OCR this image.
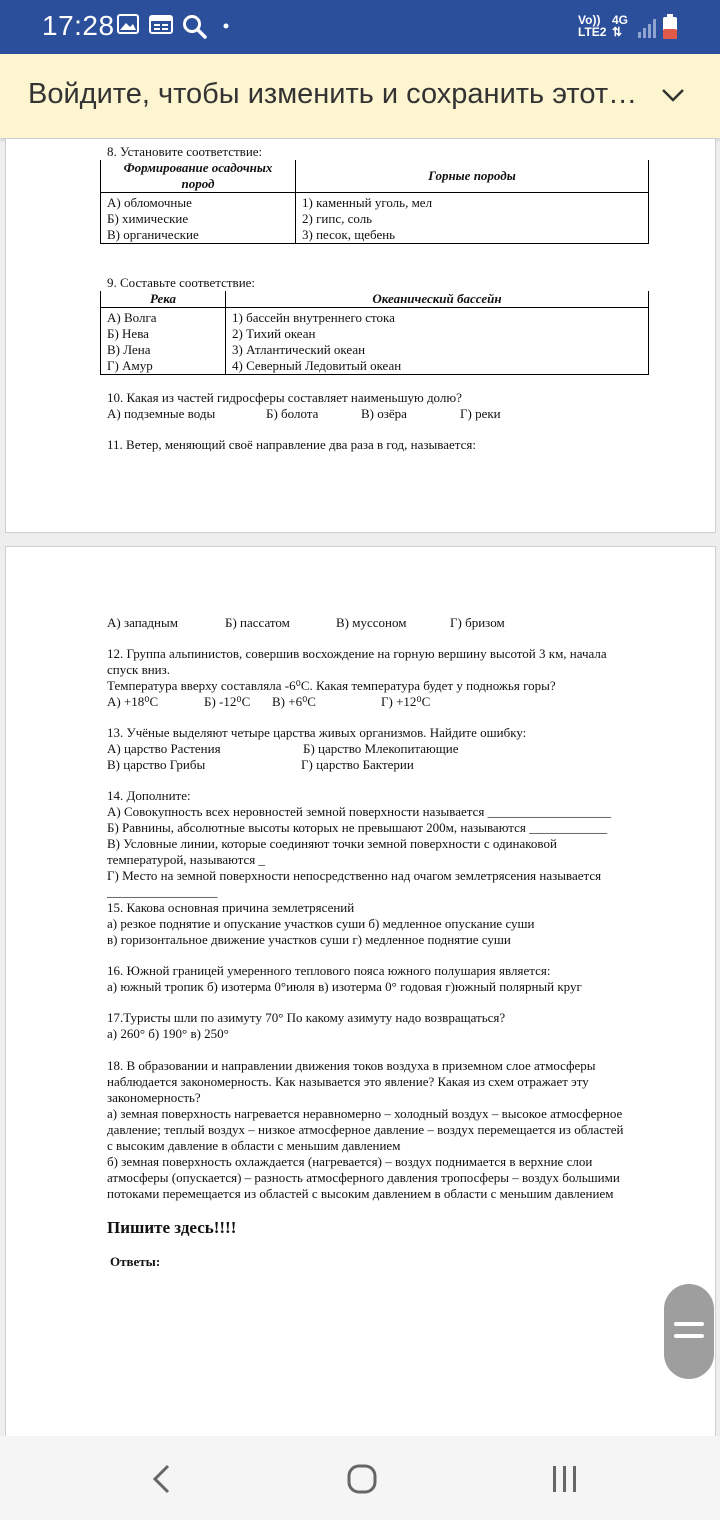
17:28	Vo))
LTE2
4G
⇅
Войдите, чтобы изменить и сохранить этот…
8. Установите соответствие:
Формирование осадочных пород	Горные породы
А) обломочные	1) каменный уголь, мел
Б) химические	2) гипс, соль
В) органические	3) песок, щебень
9. Составьте соответствие:
Река	Океанический бассейн
А) Волга	1) бассейн внутреннего стока
Б) Нева	2) Тихий океан
В) Лена	3) Атлантический океан
Г) Амур	4) Северный Ледовитый океан
10. Какая из частей гидросферы составляет наименьшую долю?
А) подземные воды	Б) болота	В) озёра	Г) реки
11. Ветер, меняющий своё направление два раза в год, называется:
А) западным	Б) пассатом	В) муссоном	Г) бризом
12. Группа альпинистов, совершив восхождение на горную вершину высотой 3 км, начала
спуск вниз.
Температура вверху составляла -6⁰С. Какая температура будет у подножья горы?
А) +18⁰С	Б) -12⁰С В) +6⁰С	Г) +12⁰С
13. Учёные выделяют четыре царства живых организмов. Найдите ошибку:
А) царство Растения	Б) царство Млекопитающие
В) царство Грибы	Г) царство Бактерии
14. Дополните:
А) Совокупность всех неровностей земной поверхности называется ___________________
Б) Равнины, абсолютные высоты которых не превышают 200м, называются ____________
В) Условные линии, которые соединяют точки земной поверхности с одинаковой
температурой, называются _
Г) Место на земной поверхности непосредственно над очагом землетрясения называется
_________________
15. Какова основная причина землетрясений
а) резкое поднятие и опускание участков суши б) медленное опускание суши
в) горизонтальное движение участков суши г) медленное поднятие суши
16. Южной границей умеренного теплового пояса южного полушария является:
а) южный тропик б) изотерма 0°июля в) изотерма 0° годовая г)южный полярный круг
17.Туристы шли по азимуту 70° По какому азимуту надо возвращаться?
а) 260° б) 190° в) 250°
18. В образовании и направлении движения токов воздуха в приземном слое атмосферы
наблюдается закономерность. Как называется это явление? Какая из схем отражает эту
закономерность?
а) земная поверхность нагревается неравномерно – холодный воздух – высокое атмосферное
давление; теплый воздух – низкое атмосферное давление – воздух перемещается из областей
с высоким давление в области с меньшим давлением
б) земная поверхность охлаждается (нагревается) – воздух поднимается в верхние слои
атмосферы (опускается) – разность атмосферного давления тропосферы – воздух большими
потоками перемещается из областей с высоким давлением в области с меньшим давлением
Пишите здесь!!!!
Ответы:
